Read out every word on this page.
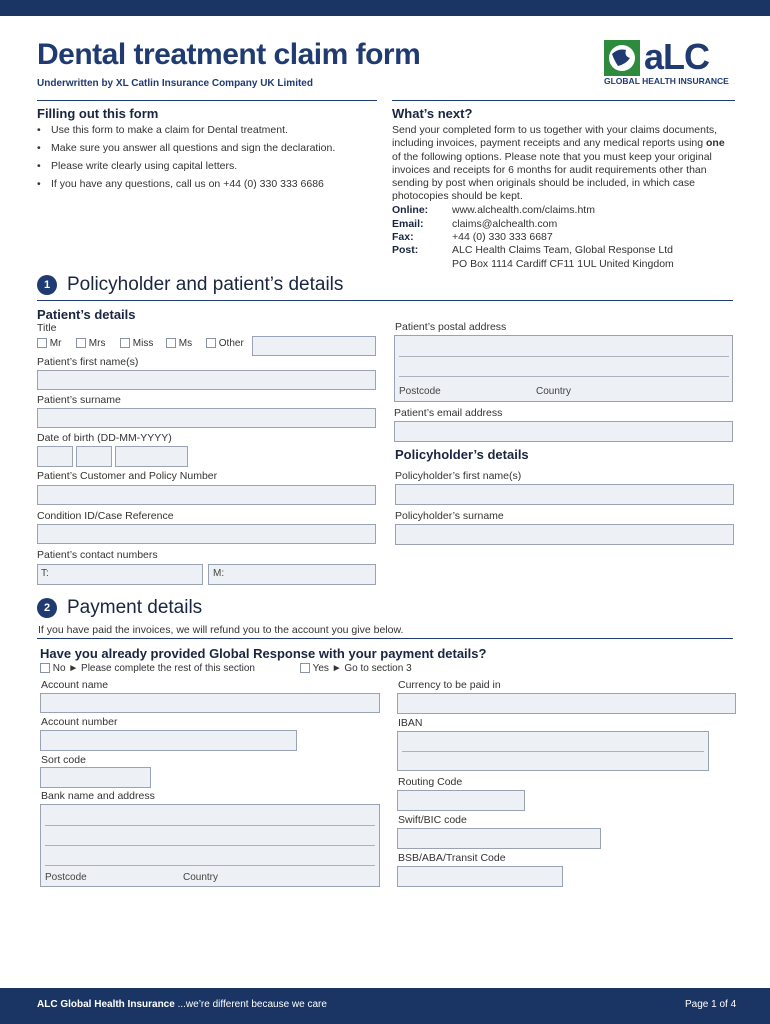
Dental treatment claim form
Underwritten by XL Catlin Insurance Company UK Limited
aLC
GLOBAL HEALTH INSURANCE
Filling out this form
• Use this form to make a claim for Dental treatment.
• Make sure you answer all questions and sign the declaration.
• Please write clearly using capital letters.
• If you have any questions, call us on +44 (0) 330 333 6686
What’s next?
Send your completed form to us together with your claims documents, including invoices, payment receipts and any medical reports using one of the following options. Please note that you must keep your original invoices and receipts for 6 months for audit requirements other than sending by post when originals should be included, in which case photocopies should be kept.
Online: www.alchealth.com/claims.htm
Email:	claims@alchealth.com
Fax:	+44 (0) 330 333 6687
Post:	ALC Health Claims Team, Global Response Ltd
PO Box 1114 Cardiff CF11 1UL United Kingdom
1 Policyholder and patient’s details
Patient’s details
Title
Mr	Mrs	Miss	Ms	Other
Patient’s first name(s)
Patient’s surname
Date of birth (DD-MM-YYYY)
Patient’s Customer and Policy Number
Condition ID/Case Reference
Patient’s contact numbers
T:	M:
Patient’s postal address
Postcode	Country
Patient’s email address
Policyholder’s details
Policyholder’s first name(s)
Policyholder’s surname
2 Payment details
If you have paid the invoices, we will refund you to the account you give below.
Have you already provided Global Response with your payment details?
No ► Please complete the rest of this section	Yes ► Go to section 3
Account name
Account number
Sort code
Bank name and address
Postcode	Country
Currency to be paid in
IBAN
Routing Code
Swift/BIC code
BSB/ABA/Transit Code
ALC Global Health Insurance ...we’re different because we care	Page 1 of 4
